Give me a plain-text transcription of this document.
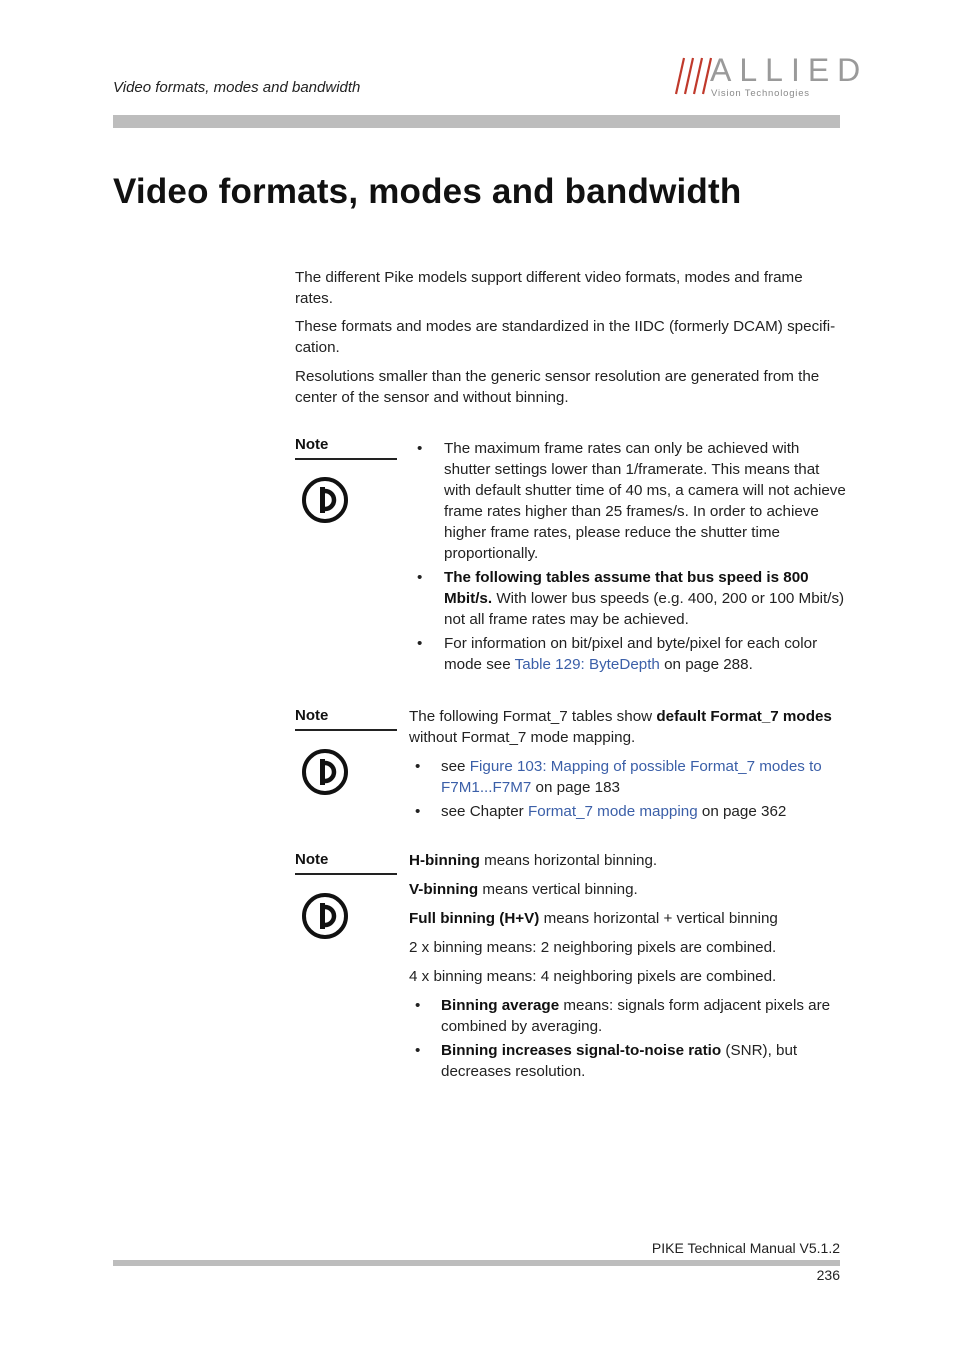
Video formats, modes and bandwidth	ALLIED
Vision Technologies
Video formats, modes and bandwidth
The different Pike models support different video formats, modes and frame rates.
These formats and modes are standardized in the IIDC (formerly DCAM) specifi-cation.
Resolutions smaller than the generic sensor resolution are generated from the center of the sensor and without binning.
Note
•	The maximum frame rates can only be achieved with shutter settings lower than 1/framerate. This means that with default shutter time of 40 ms, a camera will not achieve frame rates higher than 25 frames/s. In order to achieve higher frame rates, please reduce the shutter time proportionally.
• The following tables assume that bus speed is 800 Mbit/s. With lower bus speeds (e.g. 400, 200 or 100 Mbit/s) not all frame rates may be achieved.
• For information on bit/pixel and byte/pixel for each color mode see Table 129: ByteDepth on page 288.
Note	The following Format_7 tables show default Format_7 modes without Format_7 mode mapping.

• see Figure 103: Mapping of possible Format_7 modes to F7M1...F7M7 on page 183
• see Chapter Format_7 mode mapping on page 362
Note	H-binning means horizontal binning.

V-binning means vertical binning.

Full binning (H+V) means horizontal + vertical binning

2 x binning means: 2 neighboring pixels are combined.

4 x binning means: 4 neighboring pixels are combined.

• Binning average means: signals form adjacent pixels are combined by averaging.
• Binning increases signal-to-noise ratio (SNR), but decreases resolution.
PIKE Technical Manual V5.1.2
236
